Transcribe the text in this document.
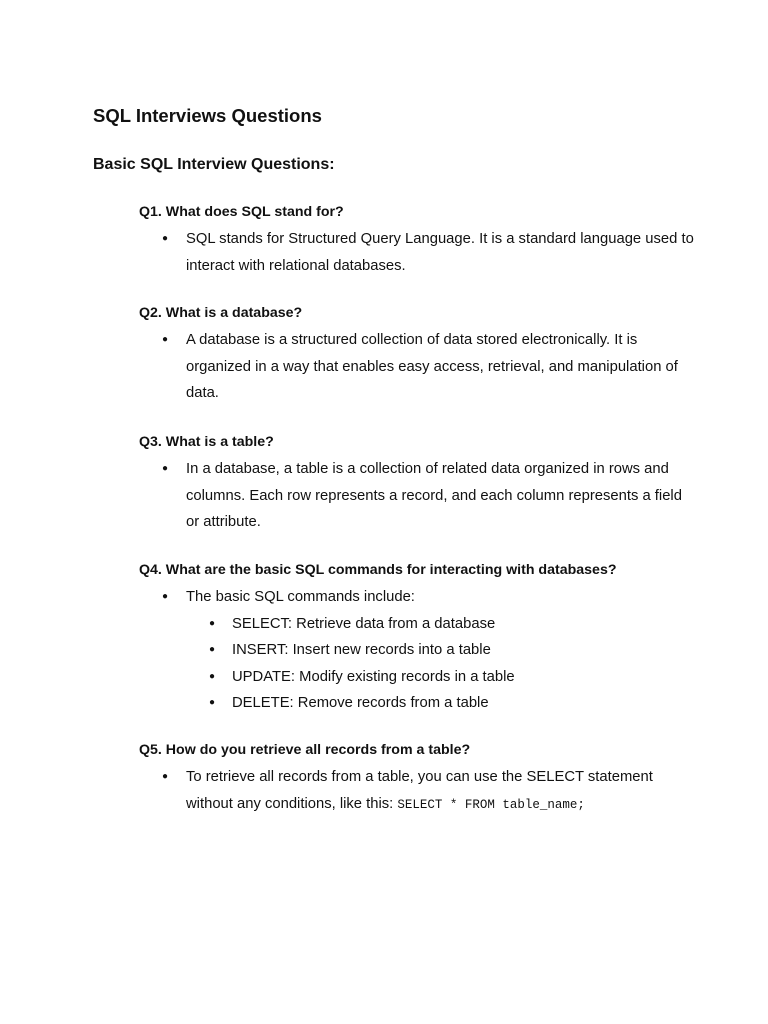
SQL Interviews Questions
Basic SQL Interview Questions:

Q1. What does SQL stand for?

● SQL stands for Structured Query Language. It is a standard language used to interact with relational databases.

Q2. What is a database?

● A database is a structured collection of data stored electronically. It is organized in a way that enables easy access, retrieval, and manipulation of data.

Q3. What is a table?

● In a database, a table is a collection of related data organized in rows and columns. Each row represents a record, and each column represents a field or attribute.

Q4. What are the basic SQL commands for interacting with databases?

● The basic SQL commands include:
● SELECT: Retrieve data from a database
● INSERT: Insert new records into a table
● UPDATE: Modify existing records in a table
● DELETE: Remove records from a table

Q5. How do you retrieve all records from a table?

● To retrieve all records from a table, you can use the SELECT statement without any conditions, like this: SELECT * FROM table_name;
